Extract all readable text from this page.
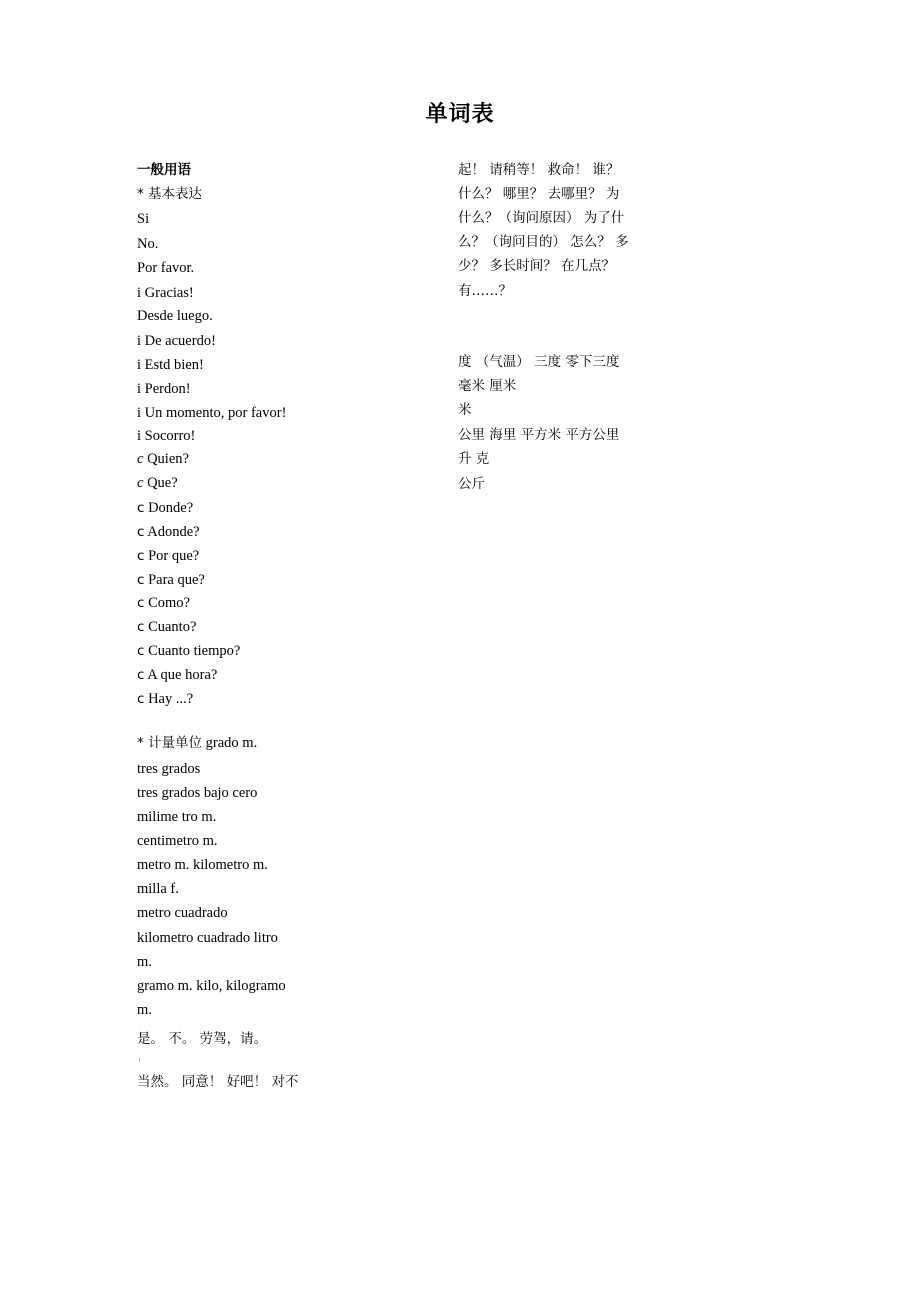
单词表
一般用语
* 基本表达
Si
No.
Por favor.
i Gracias!
Desde luego.
i De acuerdo!
i Estd bien!
i Perdon!
i Un momento, por favor!
i Socorro!
c Quien?
c Que?
c Donde?
c Adonde?
c Por que?
c Para que?
c Como?
c Cuanto?
c Cuanto tiempo?
c A que hora?
c Hay ...?
* 计量单位 grado m.
tres grados
tres grados bajo cero
milime tro m.
centimetro m.
metro m. kilometro m.
milla f.
metro cuadrado
kilometro cuadrado litro
m.
gramo m. kilo, kilogramo
m.
是。 不。 劳驾，请。
!
当然。 同意！ 好吧！ 对不
起！ 请稍等！ 救命！ 谁？
什么？ 哪里？ 去哪里？ 为
什么？（询问原因） 为了什
么？（询问目的） 怎么？ 多
少？ 多长时间？ 在几点？
有……？
度 （气温） 三度 零下三度
毫米 厘米
米
公里 海里 平方米 平方公里
升 克
公斤
